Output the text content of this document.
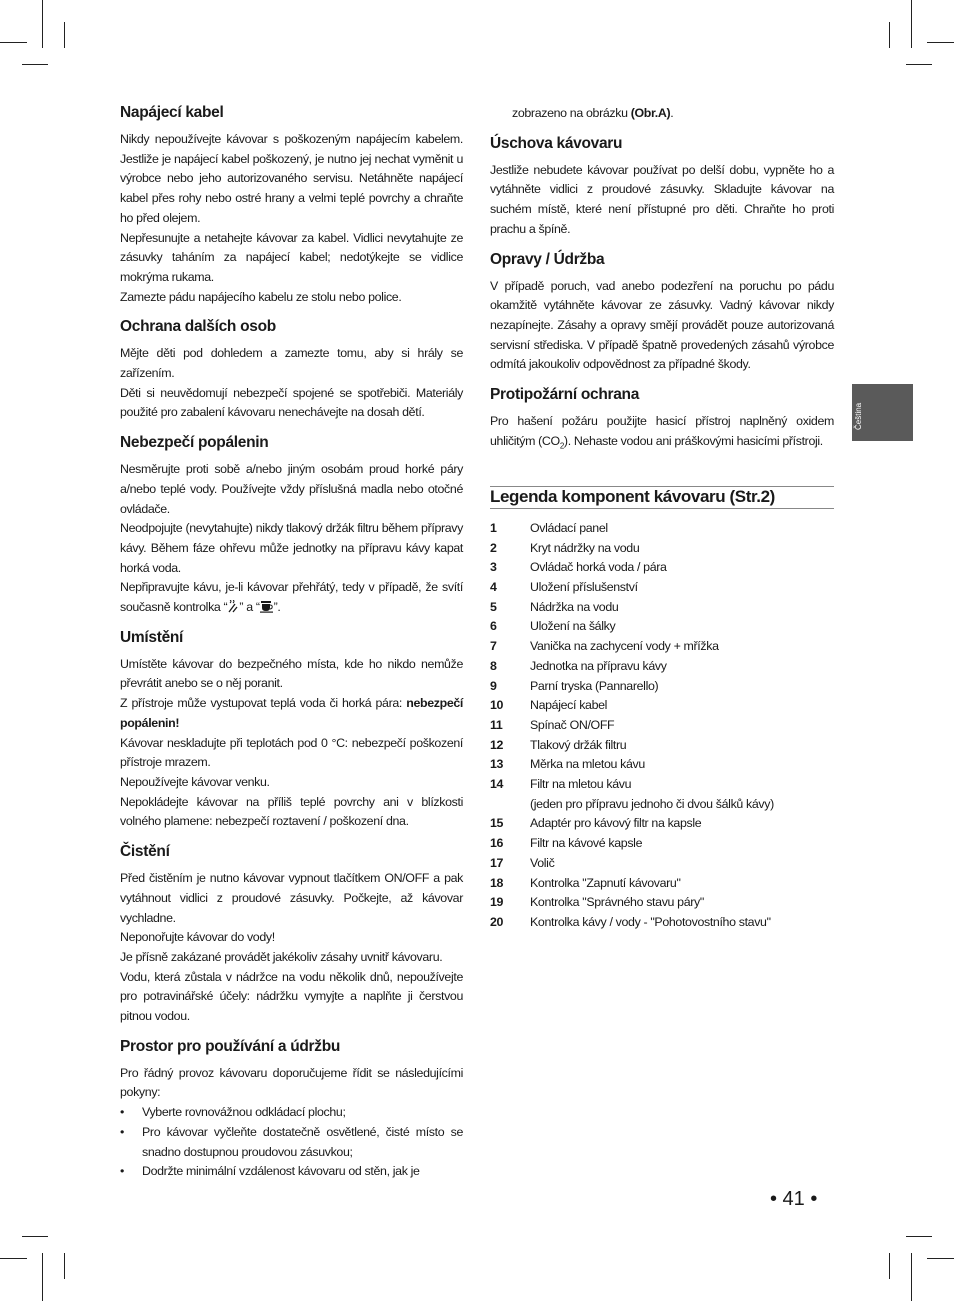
Napájecí kabel

Nikdy nepoužívejte kávovar s poškozeným napájecím kabelem. Jestliže je napájecí kabel poškozený, je nutno jej nechat vyměnit u výrobce nebo jeho autorizovaného servisu. Netáhněte napájecí kabel přes rohy nebo ostré hrany a velmi teplé povrchy a chraňte ho před olejem.

Nepřesunujte a netahejte kávovar za kabel. Vidlici nevytahujte ze zásuvky taháním za napájecí kabel; nedotýkejte se vidlice mokrýma rukama.

Zamezte pádu napájecího kabelu ze stolu nebo police.

Ochrana dalších osob

Mějte děti pod dohledem a zamezte tomu, aby si hrály se zařízením.

Děti si neuvědomují nebezpečí spojené se spotřebiči. Materiály použité pro zabalení kávovaru nenechávejte na dosah dětí.

Nebezpečí popálenin

Nesměrujte proti sobě a/nebo jiným osobám proud horké páry a/nebo teplé vody. Používejte vždy příslušná madla nebo otočné ovládače.

Neodpojujte (nevytahujte) nikdy tlakový držák filtru během přípravy kávy. Během fáze ohřevu může jednotky na přípravu kávy kapat horká voda.

Nepřipravujte kávu, je-li kávovar přehřátý, tedy v případě, že svítí současně kontrolka “ ” a “ ”.

Umístění

Umístěte kávovar do bezpečného místa, kde ho nikdo nemůže převrátit anebo se o něj poranit.

Z přístroje může vystupovat teplá voda či horká pára: nebezpečí popálenin!

Kávovar neskladujte při teplotách pod 0 °C: nebezpečí poškození přístroje mrazem.

Nepoužívejte kávovar venku.

Nepokládejte kávovar na příliš teplé povrchy ani v blízkosti volného plamene: nebezpečí roztavení / poškození dna.

Čistění

Před čistěním je nutno kávovar vypnout tlačítkem ON/OFF a pak vytáhnout vidlici z proudové zásuvky. Počkejte, až kávovar vychladne.

Neponořujte kávovar do vody!

Je přísně zakázané provádět jakékoliv zásahy uvnitř kávovaru.

Vodu, která zůstala v nádržce na vodu několik dnů, nepoužívejte pro potravinářské účely: nádržku vymyjte a naplňte ji čerstvou pitnou vodou.

Prostor pro používání a údržbu

Pro řádný provoz kávovaru doporučujeme řídit se následujícími pokyny:

• Vyberte rovnovážnou odkládací plochu;
• Pro kávovar vyčleňte dostatečně osvětlené, čisté místo se snadno dostupnou proudovou zásuvkou;
• Dodržte minimální vzdálenost kávovaru od stěn, jak je

zobrazeno na obrázku (Obr.A).

Úschova kávovaru

Jestliže nebudete kávovar používat po delší dobu, vypněte ho a vytáhněte vidlici z proudové zásuvky. Skladujte kávovar na suchém místě, které není přístupné pro děti. Chraňte ho proti prachu a špíně.

Opravy / Údržba

V případě poruch, vad anebo podezření na poruchu po pádu okamžitě vytáhněte kávovar ze zásuvky. Vadný kávovar nikdy nezapínejte. Zásahy a opravy smějí provádět pouze autorizovaná servisní střediska. V případě špatně provedených zásahů výrobce odmítá jakoukoliv odpovědnost za případné škody.

Protipožární ochrana

Pro hašení požáru použijte hasicí přístroj naplněný oxidem uhličitým $(CO_2)$. Nehaste vodou ani práškovými hasicími přístroji.

Legenda komponent kávovaru (Str.2)
1	Ovládací panel
2	Kryt nádržky na vodu
3	Ovládač horká voda / pára
4	Uložení příslušenství
5	Nádržka na vodu
6	Uložení na šálky
7	Vanička na zachycení vody + mřížka
8	Jednotka na přípravu kávy
9	Parní tryska (Pannarello)
10	Napájecí kabel
11	Spínač ON/OFF
12	Tlakový držák filtru
13	Měrka na mletou kávu
14	Filtr na mletou kávu
	(jeden pro přípravu jednoho či dvou šálků kávy)
15	Adaptér pro kávový filtr na kapsle
16	Filtr na kávové kapsle
17	Volič
18	Kontrolka "Zapnutí kávovaru"
19	Kontrolka "Správného stavu páry"
20	Kontrolka kávy / vody - "Pohotovostního stavu"
Čeština
• 41 •
